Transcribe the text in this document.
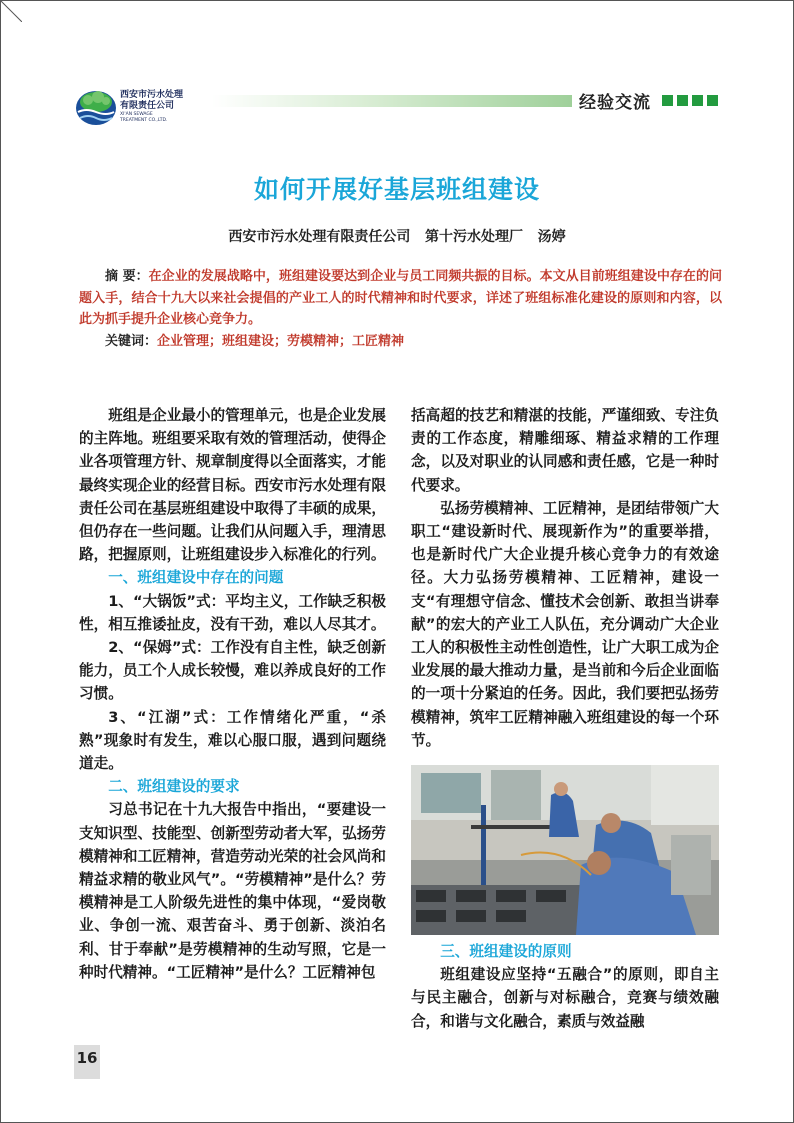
西安市污水处理
有限责任公司
XI'AN SEWAGE
TREATMENT CO.,LTD.
经验交流
如何开展好基层班组建设
西安市污水处理有限责任公司   第十污水处理厂   汤婷
摘 要：在企业的发展战略中，班组建设要达到企业与员工同频共振的目标。本文从目前班组建设中存在的问题入手，结合十九大以来社会提倡的产业工人的时代精神和时代要求，详述了班组标准化建设的原则和内容，以此为抓手提升企业核心竞争力。
关键词：企业管理；班组建设；劳模精神；工匠精神

班组是企业最小的管理单元，也是企业发展的主阵地。班组要采取有效的管理活动，使得企业各项管理方针、规章制度得以全面落实，才能最终实现企业的经营目标。西安市污水处理有限责任公司在基层班组建设中取得了丰硕的成果，但仍存在一些问题。让我们从问题入手，理清思路，把握原则，让班组建设步入标准化的行列。

一、班组建设中存在的问题

1、“大锅饭”式：平均主义，工作缺乏积极性，相互推诿扯皮，没有干劲，难以人尽其才。

2、“保姆”式：工作没有自主性，缺乏创新能力，员工个人成长较慢，难以养成良好的工作习惯。

3、“江湖”式：工作情绪化严重，“杀熟”现象时有发生，难以心服口服，遇到问题绕道走。

二、班组建设的要求

习总书记在十九大报告中指出，“要建设一支知识型、技能型、创新型劳动者大军，弘扬劳模精神和工匠精神，营造劳动光荣的社会风尚和精益求精的敬业风气”。“劳模精神”是什么？劳模精神是工人阶级先进性的集中体现，“爱岗敬业、争创一流、艰苦奋斗、勇于创新、淡泊名利、甘于奉献”是劳模精神的生动写照，它是一种时代精神。“工匠精神”是什么？工匠精神包

括高超的技艺和精湛的技能，严谨细致、专注负责的工作态度，精雕细琢、精益求精的工作理念，以及对职业的认同感和责任感，它是一种时代要求。

弘扬劳模精神、工匠精神，是团结带领广大职工“建设新时代、展现新作为”的重要举措，也是新时代广大企业提升核心竞争力的有效途径。大力弘扬劳模精神、工匠精神，建设一支“有理想守信念、懂技术会创新、敢担当讲奉献”的宏大的产业工人队伍，充分调动广大企业工人的积极性主动性创造性，让广大职工成为企业发展的最大推动力量，是当前和今后企业面临的一项十分紧迫的任务。因此，我们要把弘扬劳模精神，筑牢工匠精神融入班组建设的每一个环节。

三、班组建设的原则

班组建设应坚持“五融合”的原则，即自主与民主融合，创新与对标融合，竞赛与绩效融合，和谐与文化融合，素质与效益融

16
